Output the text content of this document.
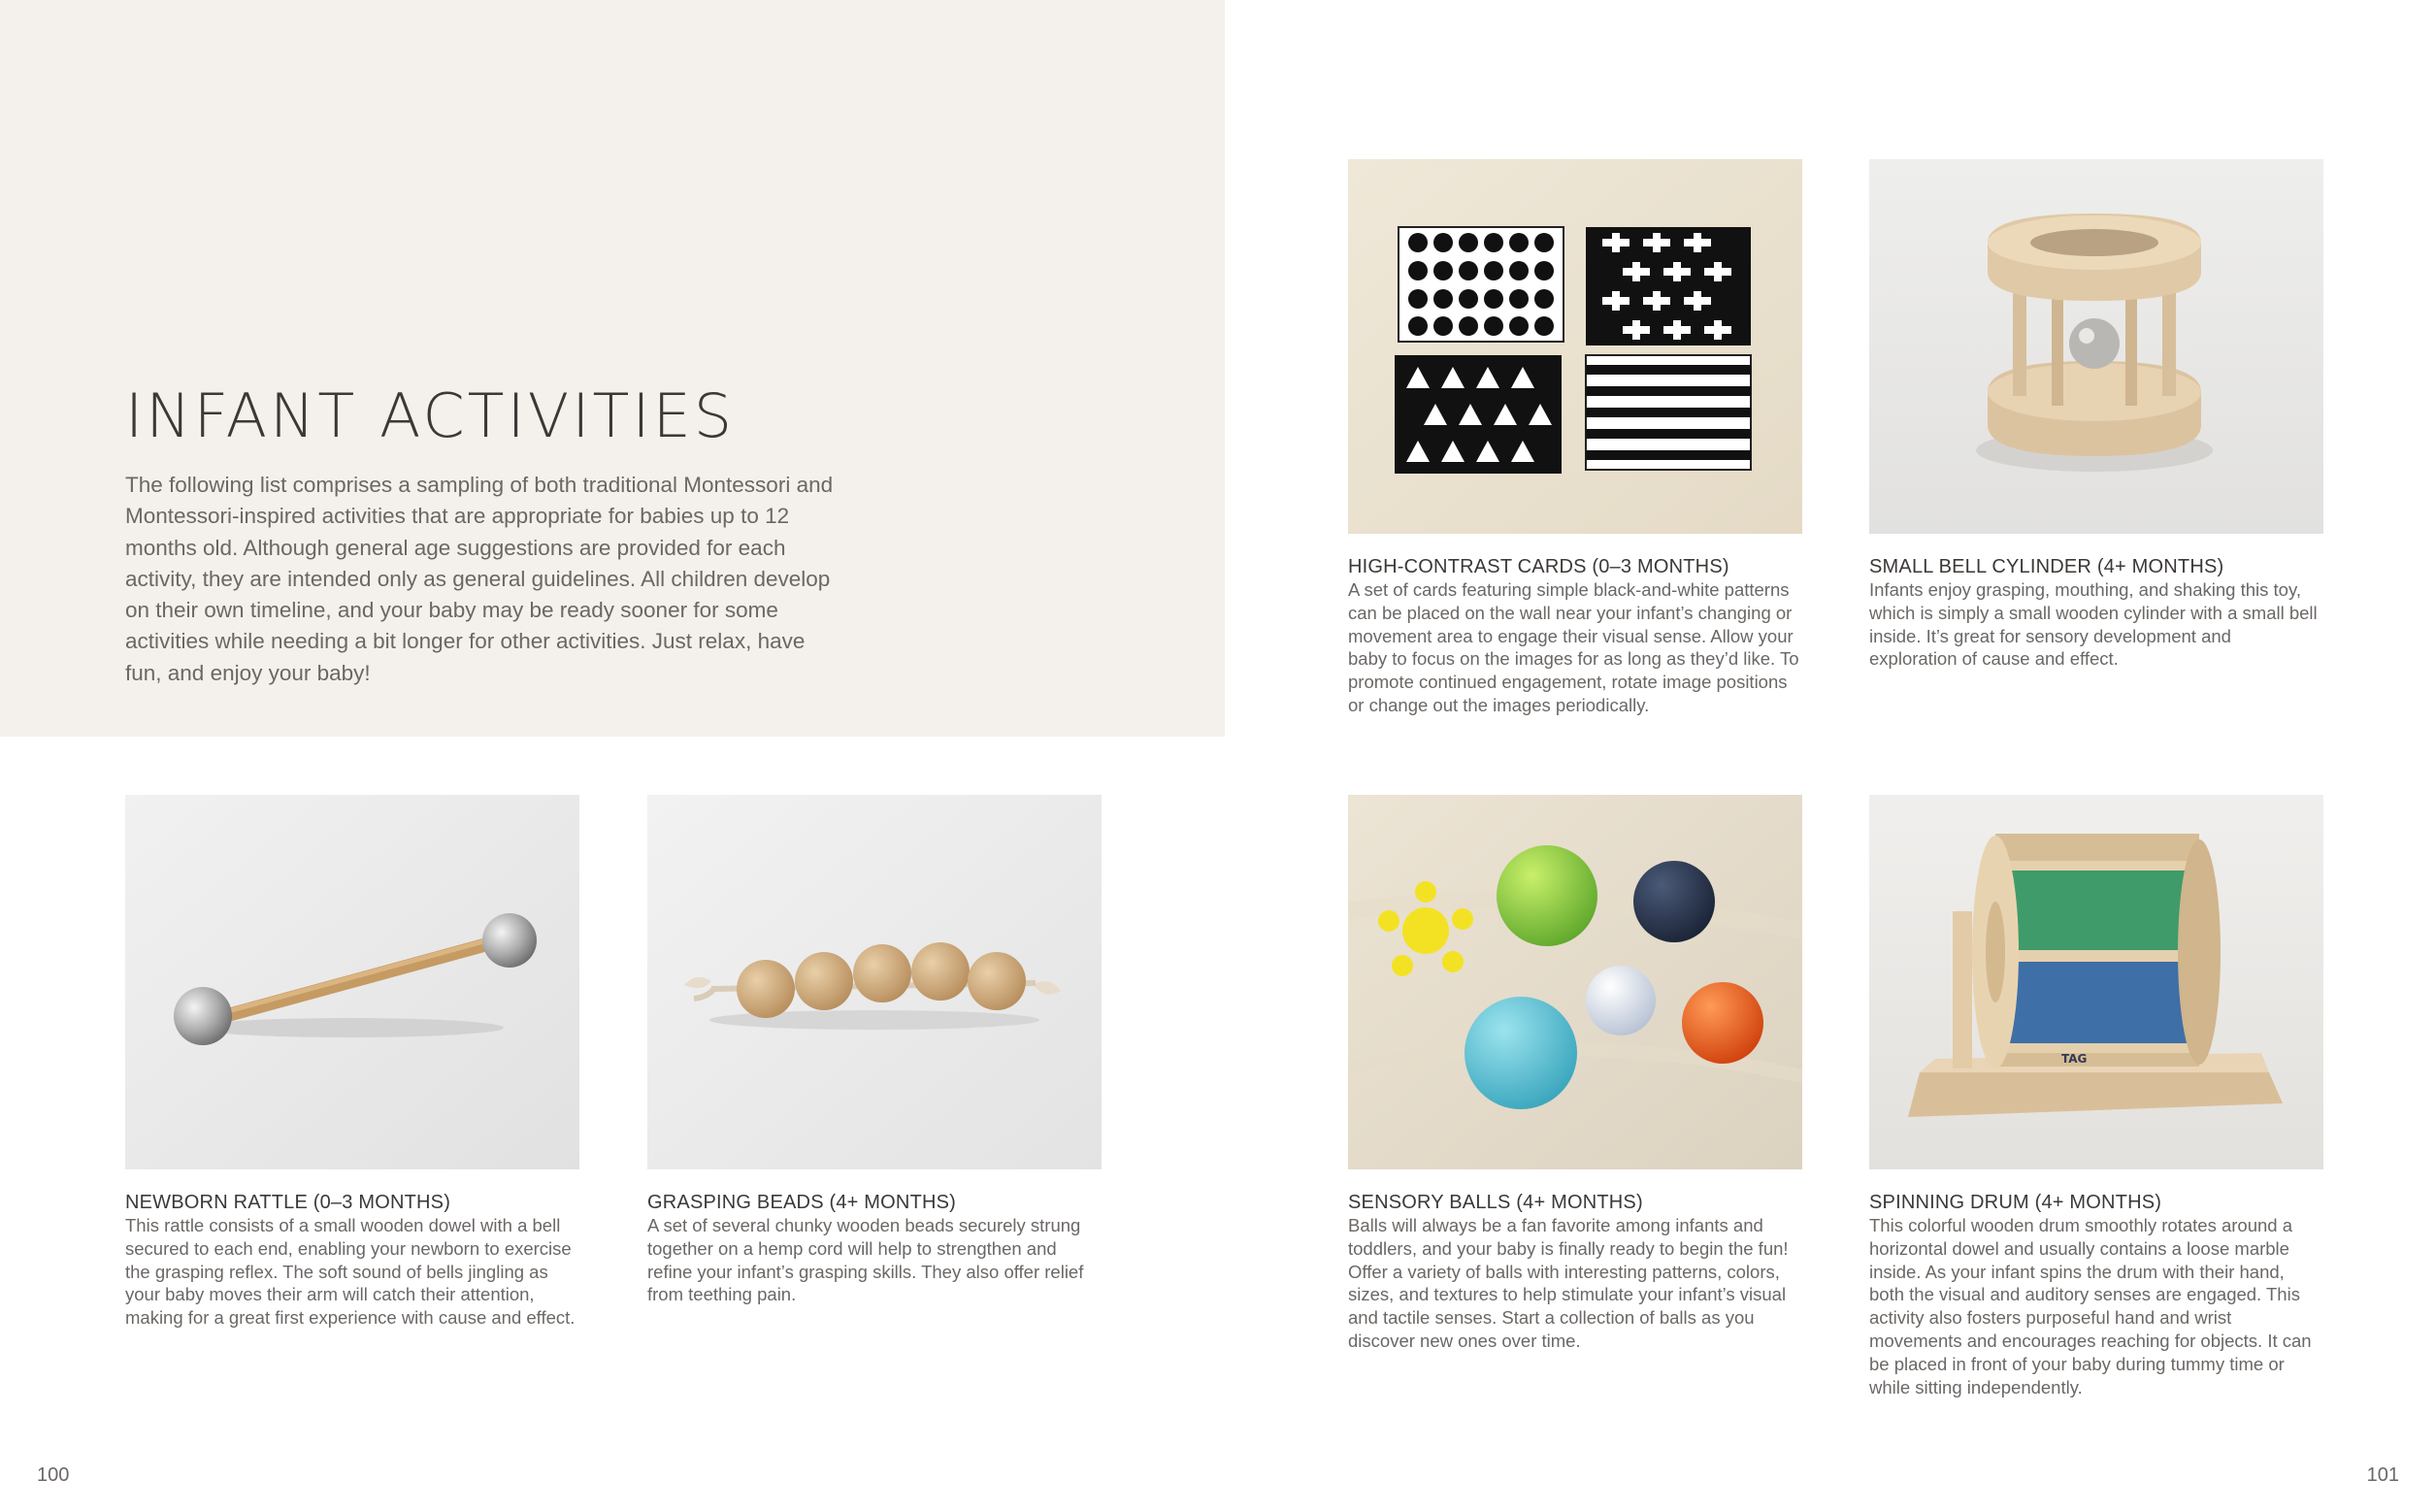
INFANT ACTIVITIES

The following list comprises a sampling of both traditional Montessori and Montessori-inspired activities that are appropriate for babies up to 12 months old. Although general age suggestions are provided for each activity, they are intended only as general guidelines. All children develop on their own timeline, and your baby may be ready sooner for some activities while needing a bit longer for other activities. Just relax, have fun, and enjoy your baby!

HIGH-CONTRAST CARDS (0–3 MONTHS)

A set of cards featuring simple black-and-white patterns can be placed on the wall near your infant’s changing or movement area to engage their visual sense. Allow your baby to focus on the images for as long as they’d like. To promote continued engagement, rotate image positions or change out the images periodically.

SMALL BELL CYLINDER (4+ MONTHS)

Infants enjoy grasping, mouthing, and shaking this toy, which is simply a small wooden cylinder with a small bell inside. It’s great for sensory development and exploration of cause and effect.

NEWBORN RATTLE (0–3 MONTHS)

This rattle consists of a small wooden dowel with a bell secured to each end, enabling your newborn to exercise the grasping reflex. The soft sound of bells jingling as your baby moves their arm will catch their attention, making for a great first experience with cause and effect.

GRASPING BEADS (4+ MONTHS)

A set of several chunky wooden beads securely strung together on a hemp cord will help to strengthen and refine your infant’s grasping skills. They also offer relief from teething pain.

SENSORY BALLS (4+ MONTHS)

Balls will always be a fan favorite among infants and toddlers, and your baby is finally ready to begin the fun! Offer a variety of balls with interesting patterns, colors, sizes, and textures to help stimulate your infant’s visual and tactile senses. Start a collection of balls as you discover new ones over time.

TAG

SPINNING DRUM (4+ MONTHS)

This colorful wooden drum smoothly rotates around a horizontal dowel and usually contains a loose marble inside. As your infant spins the drum with their hand, both the visual and auditory senses are engaged. This activity also fosters purposeful hand and wrist movements and encourages reaching for objects. It can be placed in front of your baby during tummy time or while sitting independently.

100	101
